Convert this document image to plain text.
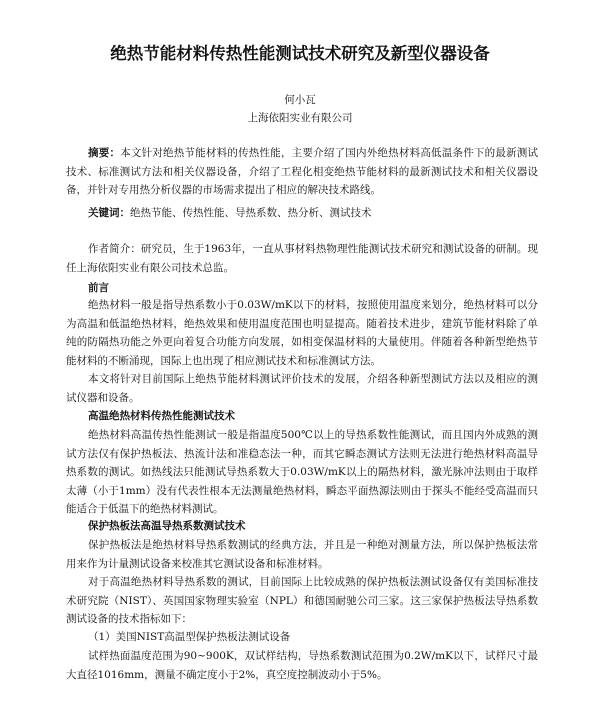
绝热节能材料传热性能测试技术研究及新型仪器设备
何小瓦
上海依阳实业有限公司

摘要：本文针对绝热节能材料的传热性能，主要介绍了国内外绝热材料高低温条件下的最新测试技术、标准测试方法和相关仪器设备，介绍了工程化相变绝热节能材料的最新测试技术和相关仪器设备，并针对专用热分析仪器的市场需求提出了相应的解决技术路线。

关键词：绝热节能、传热性能、导热系数、热分析、测试技术

作者简介：研究员，生于1963年，一直从事材料热物理性能测试技术研究和测试设备的研制。现任上海依阳实业有限公司技术总监。

前言

绝热材料一般是指导热系数小于0.03W/mK以下的材料，按照使用温度来划分，绝热材料可以分为高温和低温绝热材料，绝热效果和使用温度范围也明显提高。随着技术进步，建筑节能材料除了单纯的防隔热功能之外更向着复合功能方向发展，如相变保温材料的大量使用。伴随着各种新型绝热节能材料的不断涌现，国际上也出现了相应测试技术和标准测试方法。

本文将针对目前国际上绝热节能材料测试评价技术的发展，介绍各种新型测试方法以及相应的测试仪器和设备。

高温绝热材料传热性能测试技术

绝热材料高温传热性能测试一般是指温度500℃以上的导热系数性能测试，而且国内外成熟的测试方法仅有保护热板法、热流计法和准稳态法一种，而其它瞬态测试方法则无法进行绝热材料高温导热系数的测试。如热线法只能测试导热系数大于0.03W/mK以上的隔热材料，激光脉冲法则由于取样太薄（小于1mm）没有代表性根本无法测量绝热材料，瞬态平面热源法则由于探头不能经受高温而只能适合于低温下的绝热材料测试。

保护热板法高温导热系数测试技术

保护热板法是绝热材料导热系数测试的经典方法，并且是一种绝对测量方法，所以保护热板法常用来作为计量测试设备来校准其它测试设备和标准材料。

对于高温绝热材料导热系数的测试，目前国际上比较成熟的保护热板法测试设备仅有美国标准技术研究院（NIST）、英国国家物理实验室（NPL）和德国耐驰公司三家。这三家保护热板法导热系数测试设备的技术指标如下：

（1）美国NIST高温型保护热板法测试设备

试样热面温度范围为90~900K，双试样结构，导热系数测试范围为0.2W/mK以下，试样尺寸最大直径1016mm，测量不确定度小于2%，真空度控制波动小于5%。
